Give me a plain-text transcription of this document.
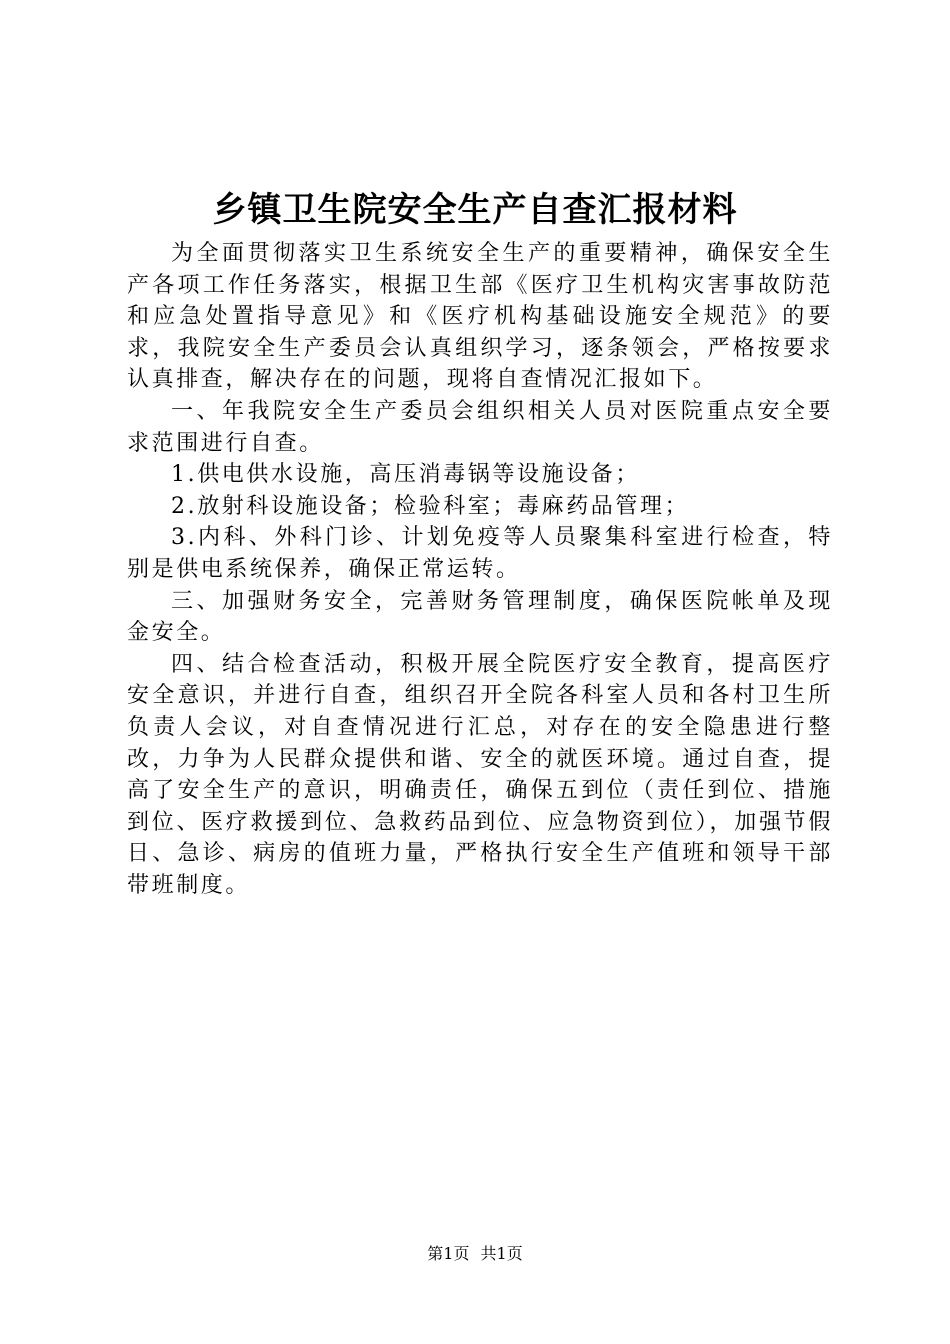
乡镇卫生院安全生产自查汇报材料

为全面贯彻落实卫生系统安全生产的重要精神，确保安全生产各项工作任务落实，根据卫生部《医疗卫生机构灾害事故防范和应急处置指导意见》和《医疗机构基础设施安全规范》的要求，我院安全生产委员会认真组织学习，逐条领会，严格按要求认真排查，解决存在的问题，现将自查情况汇报如下。

一、年我院安全生产委员会组织相关人员对医院重点安全要求范围进行自查。

1.供电供水设施，高压消毒锅等设施设备；

2.放射科设施设备；检验科室；毒麻药品管理；

3.内科、外科门诊、计划免疫等人员聚集科室进行检查，特别是供电系统保养，确保正常运转。

三、加强财务安全，完善财务管理制度，确保医院帐单及现金安全。

四、结合检查活动，积极开展全院医疗安全教育，提高医疗安全意识，并进行自查，组织召开全院各科室人员和各村卫生所负责人会议，对自查情况进行汇总，对存在的安全隐患进行整改，力争为人民群众提供和谐、安全的就医环境。通过自查，提高了安全生产的意识，明确责任，确保五到位（责任到位、措施到位、医疗救援到位、急救药品到位、应急物资到位），加强节假日、急诊、病房的值班力量，严格执行安全生产值班和领导干部带班制度。

第1页 共1页
